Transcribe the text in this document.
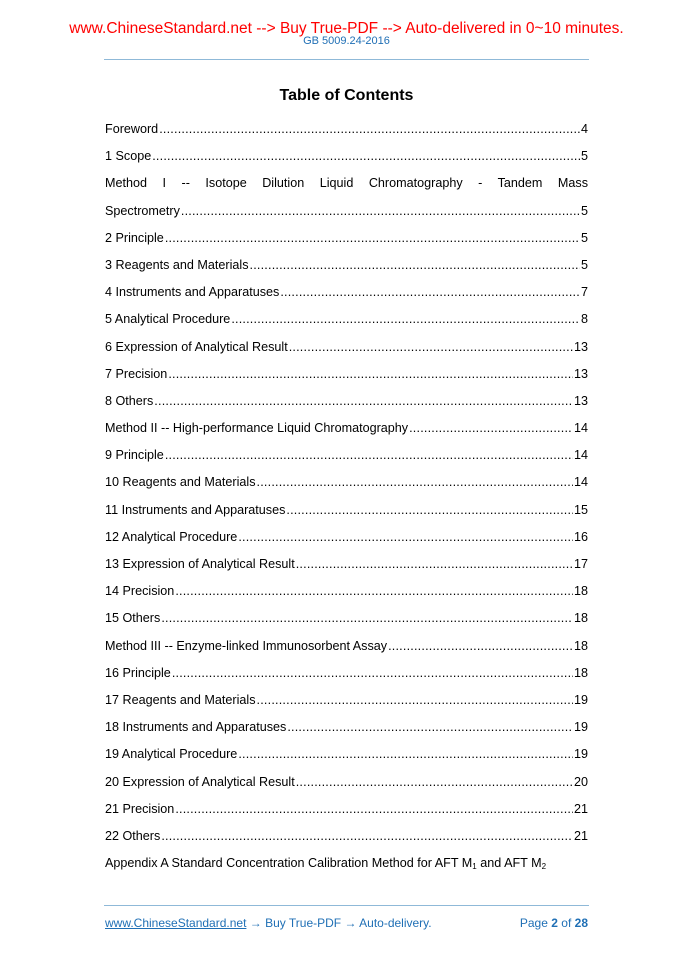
www.ChineseStandard.net --> Buy True-PDF --> Auto-delivered in 0~10 minutes.
GB 5009.24-2016
Table of Contents
Foreword .....	4
1 Scope .....	5
Method I -- Isotope Dilution Liquid Chromatography - Tandem Mass
Spectrometry .....	5
2 Principle .....	5
3 Reagents and Materials .....	5
4 Instruments and Apparatuses .....	7
5 Analytical Procedure .....	8
6 Expression of Analytical Result .....	13
7 Precision .....	13
8 Others .....	13
Method II -- High-performance Liquid Chromatography .....	14
9 Principle .....	14
10 Reagents and Materials .....	14
11 Instruments and Apparatuses .....	15
12 Analytical Procedure .....	16
13 Expression of Analytical Result .....	17
14 Precision .....	18
15 Others .....	18
Method III -- Enzyme-linked Immunosorbent Assay .....	18
16 Principle .....	18
17 Reagents and Materials .....	19
18 Instruments and Apparatuses .....	19
19 Analytical Procedure .....	19
20 Expression of Analytical Result .....	20
21 Precision .....	21
22 Others .....	21
Appendix A Standard Concentration Calibration Method for AFT $M_1$ and AFT $M_2$
www.ChineseStandard.net → Buy True-PDF → Auto-delivery.	Page 2 of 28
